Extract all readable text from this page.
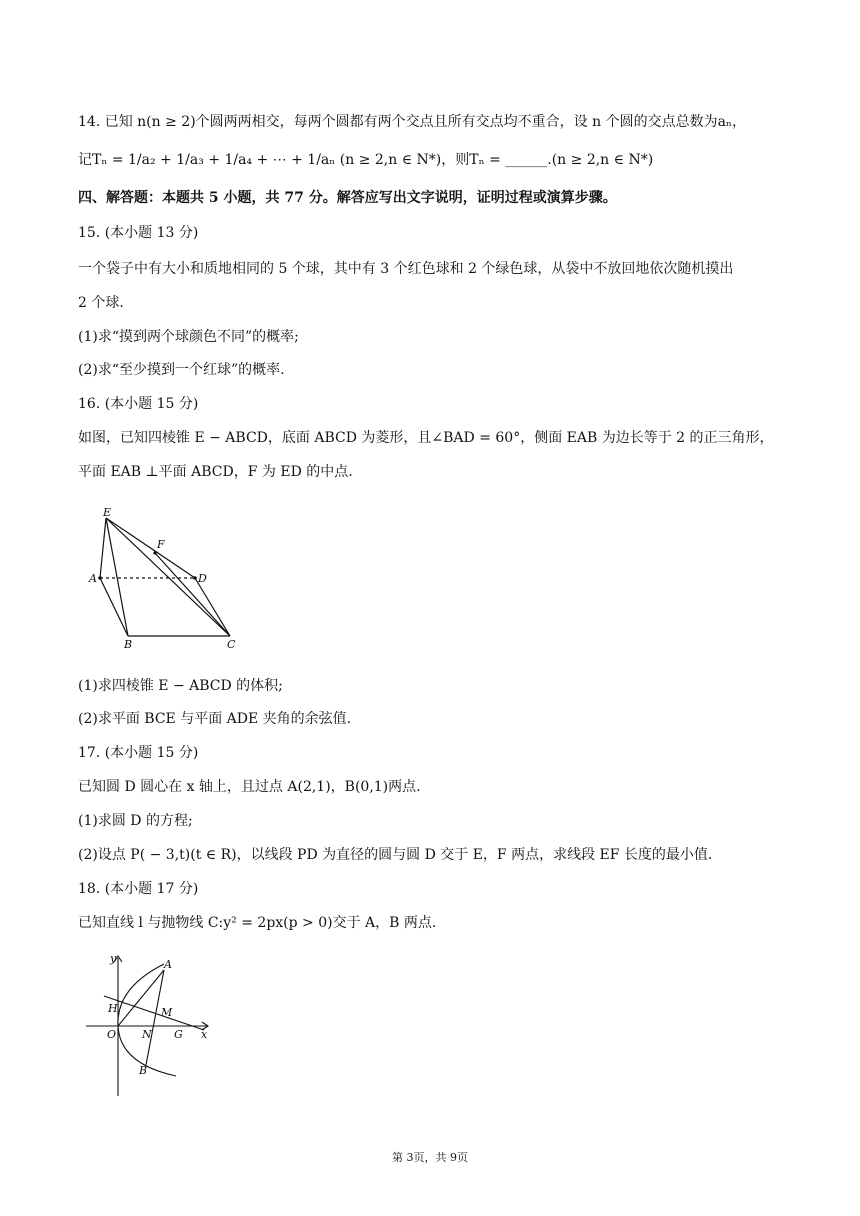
14. 已知 n(n ≥ 2)个圆两两相交，每两个圆都有两个交点且所有交点均不重合，设 n 个圆的交点总数为aₙ，
记Tₙ = 1/a₂ + 1/a₃ + 1/a₄ + ⋯ + 1/aₙ (n ≥ 2,n ∈ N*)，则Tₙ = ______.(n ≥ 2,n ∈ N*)
四、解答题：本题共 5 小题，共 77 分。解答应写出文字说明，证明过程或演算步骤。
15. (本小题 13 分)
一个袋子中有大小和质地相同的 5 个球，其中有 3 个红色球和 2 个绿色球，从袋中不放回地依次随机摸出
2 个球.
(1)求“摸到两个球颜色不同”的概率;
(2)求“至少摸到一个红球”的概率.
16. (本小题 15 分)
如图，已知四棱锥 E − ABCD，底面 ABCD 为菱形，且∠BAD = 60°，侧面 EAB 为边长等于 2 的正三角形，
平面 EAB ⊥平面 ABCD，F 为 ED 的中点.
E
F
A	D
B	C
(1)求四棱锥 E − ABCD 的体积;
(2)求平面 BCE 与平面 ADE 夹角的余弦值.
17. (本小题 15 分)
已知圆 D 圆心在 x 轴上，且过点 A(2,1)，B(0,1)两点.
(1)求圆 D 的方程;
(2)设点 P( − 3,t)(t ∈ R)，以线段 PD 为直径的圆与圆 D 交于 E，F 两点，求线段 EF 长度的最小值.
18. (本小题 17 分)
已知直线 l 与抛物线 C:y² = 2px(p > 0)交于 A，B 两点.
y
x
A
H	M
O N G
B
第 3页，共 9页
